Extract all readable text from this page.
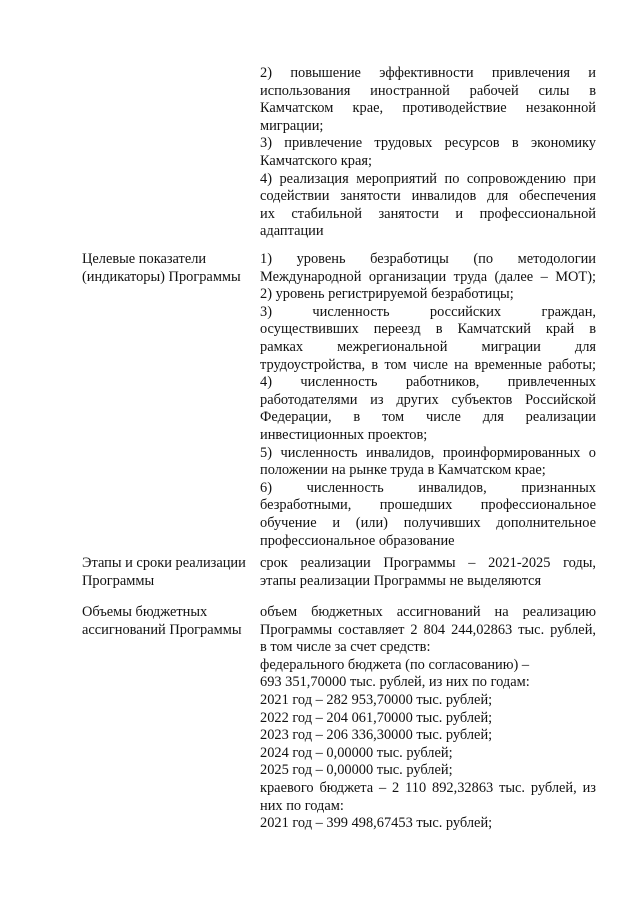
2) повышение эффективности привлечения и
использования иностранной рабочей силы в
Камчатском крае, противодействие незаконной
миграции;
3) привлечение трудовых ресурсов в экономику
Камчатского края;
4) реализация мероприятий по сопровождению при
содействии занятости инвалидов для обеспечения
их стабильной занятости и профессиональной
адаптации
Целевые показатели
(индикаторы) Программы
1) уровень безработицы (по методологии
Международной организации труда (далее – МОТ);
2) уровень регистрируемой безработицы;
3) численность российских граждан,
осуществивших переезд в Камчатский край в
рамках межрегиональной миграции для
трудоустройства, в том числе на временные работы;
4) численность работников, привлеченных
работодателями из других субъектов Российской
Федерации, в том числе для реализации
инвестиционных проектов;
5) численность инвалидов, проинформированных о
положении на рынке труда в Камчатском крае;
6) численность инвалидов, признанных
безработными, прошедших профессиональное
обучение и (или) получивших дополнительное
профессиональное образование
Этапы и сроки реализации
Программы
срок реализации Программы – 2021-2025 годы,
этапы реализации Программы не выделяются
Объемы бюджетных
ассигнований Программы
объем бюджетных ассигнований на реализацию
Программы составляет 2 804 244,02863 тыс. рублей,
в том числе за счет средств:
федерального бюджета (по согласованию) –
693 351,70000 тыс. рублей, из них по годам:
2021 год – 282 953,70000 тыс. рублей;
2022 год – 204 061,70000 тыс. рублей;
2023 год – 206 336,30000 тыс. рублей;
2024 год – 0,00000 тыс. рублей;
2025 год – 0,00000 тыс. рублей;
краевого бюджета – 2 110 892,32863 тыс. рублей, из
них по годам:
2021 год – 399 498,67453 тыс. рублей;
